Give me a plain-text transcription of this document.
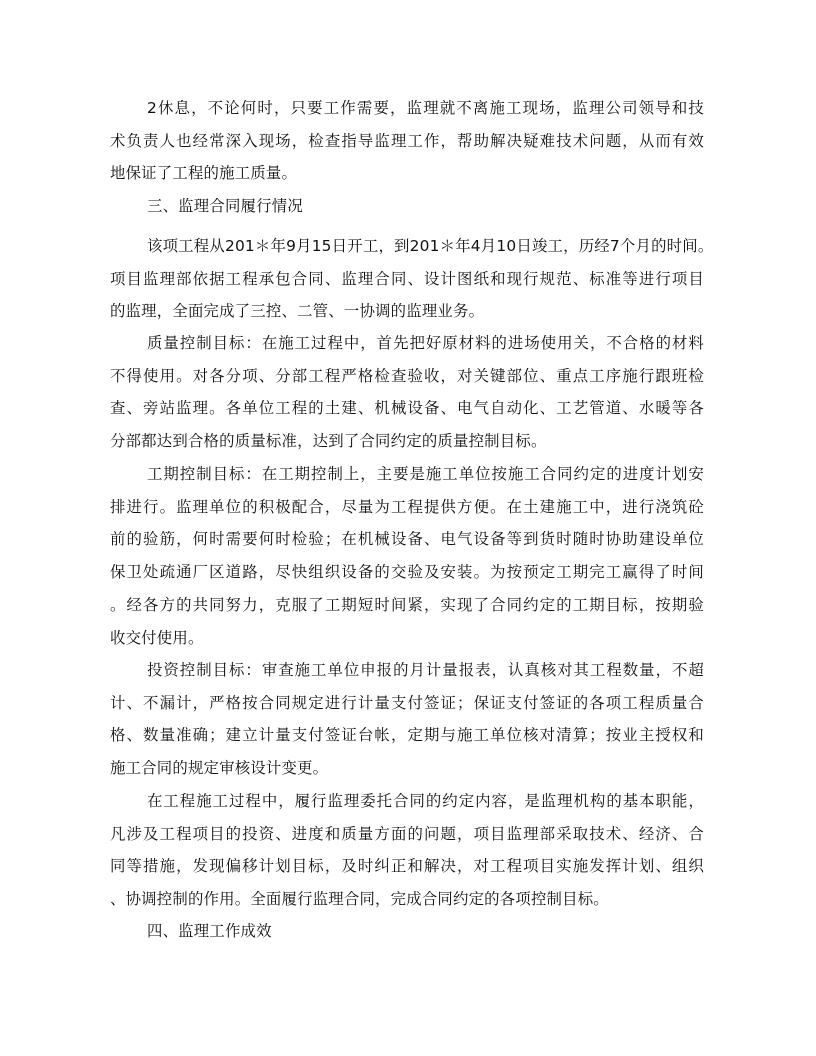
2休息，不论何时，只要工作需要，监理就不离施工现场，监理公司领导和技
术负责人也经常深入现场，检查指导监理工作，帮助解决疑难技术问题，从而有效
地保证了工程的施工质量。

三、监理合同履行情况

该项工程从201＊年9月15日开工，到201＊年4月10日竣工，历经7个月的时间。
项目监理部依据工程承包合同、监理合同、设计图纸和现行规范、标准等进行项目
的监理，全面完成了三控、二管、一协调的监理业务。

质量控制目标：在施工过程中，首先把好原材料的进场使用关，不合格的材料
不得使用。对各分项、分部工程严格检查验收，对关键部位、重点工序施行跟班检
查、旁站监理。各单位工程的土建、机械设备、电气自动化、工艺管道、水暖等各
分部都达到合格的质量标准，达到了合同约定的质量控制目标。

工期控制目标：在工期控制上，主要是施工单位按施工合同约定的进度计划安
排进行。监理单位的积极配合，尽量为工程提供方便。在土建施工中，进行浇筑砼
前的验筋，何时需要何时检验；在机械设备、电气设备等到货时随时协助建设单位
保卫处疏通厂区道路，尽快组织设备的交验及安装。为按预定工期完工赢得了时间
。经各方的共同努力，克服了工期短时间紧，实现了合同约定的工期目标，按期验
收交付使用。

投资控制目标：审查施工单位申报的月计量报表，认真核对其工程数量，不超
计、不漏计，严格按合同规定进行计量支付签证；保证支付签证的各项工程质量合
格、数量准确；建立计量支付签证台帐，定期与施工单位核对清算；按业主授权和
施工合同的规定审核设计变更。

在工程施工过程中，履行监理委托合同的约定内容，是监理机构的基本职能，
凡涉及工程项目的投资、进度和质量方面的问题，项目监理部采取技术、经济、合
同等措施，发现偏移计划目标，及时纠正和解决，对工程项目实施发挥计划、组织
、协调控制的作用。全面履行监理合同，完成合同约定的各项控制目标。

四、监理工作成效
